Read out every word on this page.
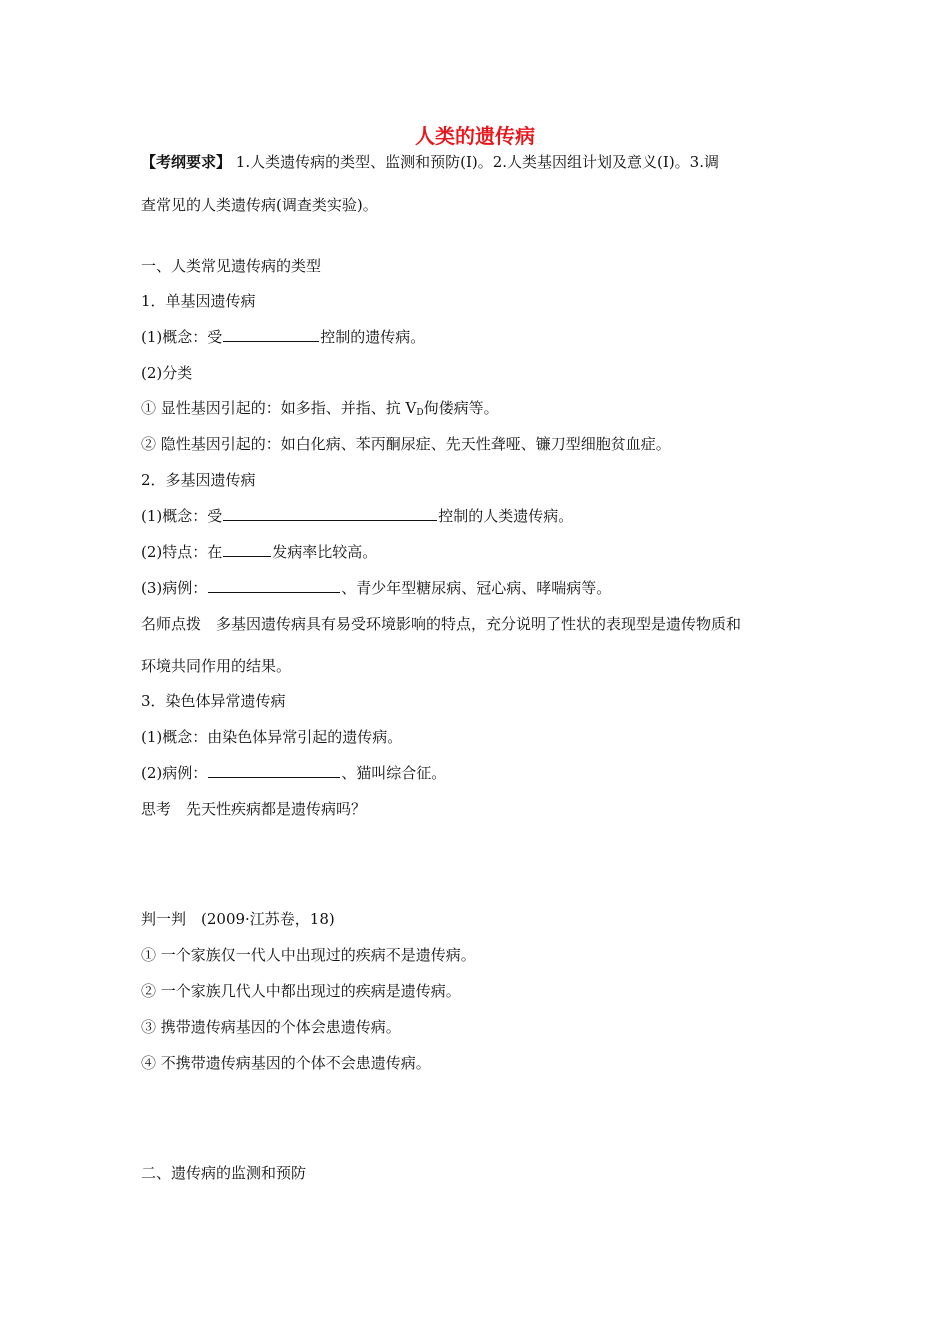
人类的遗传病
【考纲要求】 1.人类遗传病的类型、监测和预防(Ⅰ)。2.人类基因组计划及意义(Ⅰ)。3.调
查常见的人类遗传病(调查类实验)。
一、人类常见遗传病的类型
1．单基因遗传病
(1)概念：受	控制的遗传病。
(2)分类
① 显性基因引起的：如多指、并指、抗 $V_D$佝偻病等。
② 隐性基因引起的：如白化病、苯丙酮尿症、先天性聋哑、镰刀型细胞贫血症。
2．多基因遗传病
(1)概念：受	控制的人类遗传病。
(2)特点：在	发病率比较高。
(3)病例：	、青少年型糖尿病、冠心病、哮喘病等。
名师点拨　多基因遗传病具有易受环境影响的特点，充分说明了性状的表现型是遗传物质和
环境共同作用的结果。
3．染色体异常遗传病
(1)概念：由染色体异常引起的遗传病。
(2)病例：	、猫叫综合征。
思考　先天性疾病都是遗传病吗？
判一判　(2009·江苏卷，18)
① 一个家族仅一代人中出现过的疾病不是遗传病。
② 一个家族几代人中都出现过的疾病是遗传病。
③ 携带遗传病基因的个体会患遗传病。
④ 不携带遗传病基因的个体不会患遗传病。
二、遗传病的监测和预防
